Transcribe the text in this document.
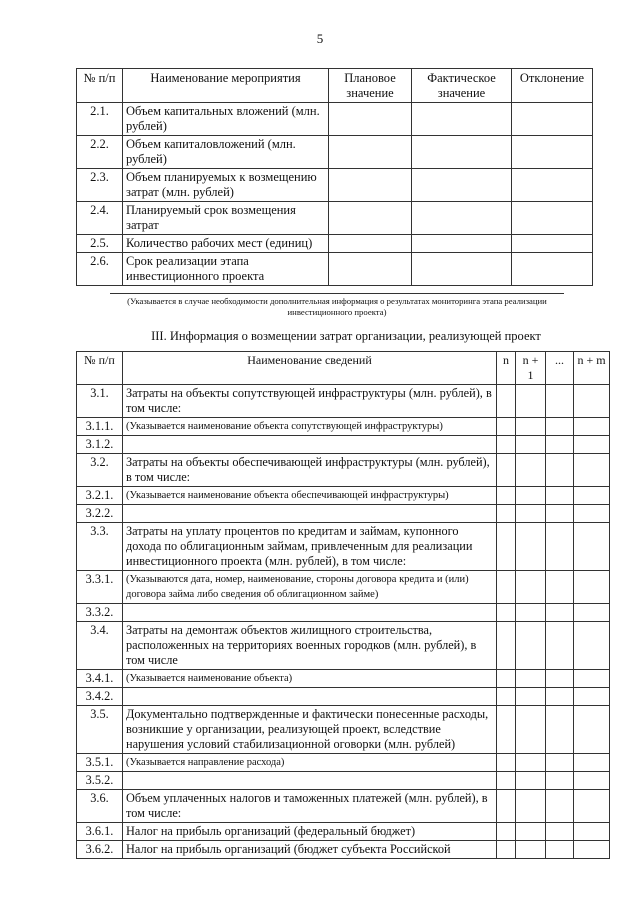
5
№ п/п	Наименование мероприятия	Плановое значение	Фактическое значение	Отклонение
2.1.	Объем капитальных вложений (млн. рублей)			
2.2.	Объем капиталовложений (млн. рублей)			
2.3.	Объем планируемых к возмещению затрат (млн. рублей)			
2.4.	Планируемый срок возмещения затрат			
2.5.	Количество рабочих мест (единиц)			
2.6.	Срок реализации этапа инвестиционного проекта			
(Указывается в случае необходимости дополнительная информация о результатах мониторинга этапа реализации инвестиционного проекта)
III. Информация о возмещении затрат организации, реализующей проект
№ п/п	Наименование сведений	n	n + 1	...	n + m
3.1.	Затраты на объекты сопутствующей инфраструктуры (млн. рублей), в том числе:				
3.1.1.	(Указывается наименование объекта сопутствующей инфраструктуры)				
3.1.2.					
3.2.	Затраты на объекты обеспечивающей инфраструктуры (млн. рублей), в том числе:				
3.2.1.	(Указывается наименование объекта обеспечивающей инфраструктуры)				
3.2.2.					
3.3.	Затраты на уплату процентов по кредитам и займам, купонного дохода по облигационным займам, привлеченным для реализации инвестиционного проекта (млн. рублей), в том числе:				
3.3.1.	(Указываются дата, номер, наименование, стороны договора кредита и (или) договора займа либо сведения об облигационном займе)				
3.3.2.					
3.4.	Затраты на демонтаж объектов жилищного строительства, расположенных на территориях военных городков (млн. рублей), в том числе				
3.4.1.	(Указывается наименование объекта)				
3.4.2.					
3.5.	Документально подтвержденные и фактически понесенные расходы, возникшие у организации, реализующей проект, вследствие нарушения условий стабилизационной оговорки (млн. рублей)				
3.5.1.	(Указывается направление расхода)				
3.5.2.					
3.6.	Объем уплаченных налогов и таможенных платежей (млн. рублей), в том числе:				
3.6.1.	Налог на прибыль организаций (федеральный бюджет)				
3.6.2.	Налог на прибыль организаций (бюджет субъекта Российской				
